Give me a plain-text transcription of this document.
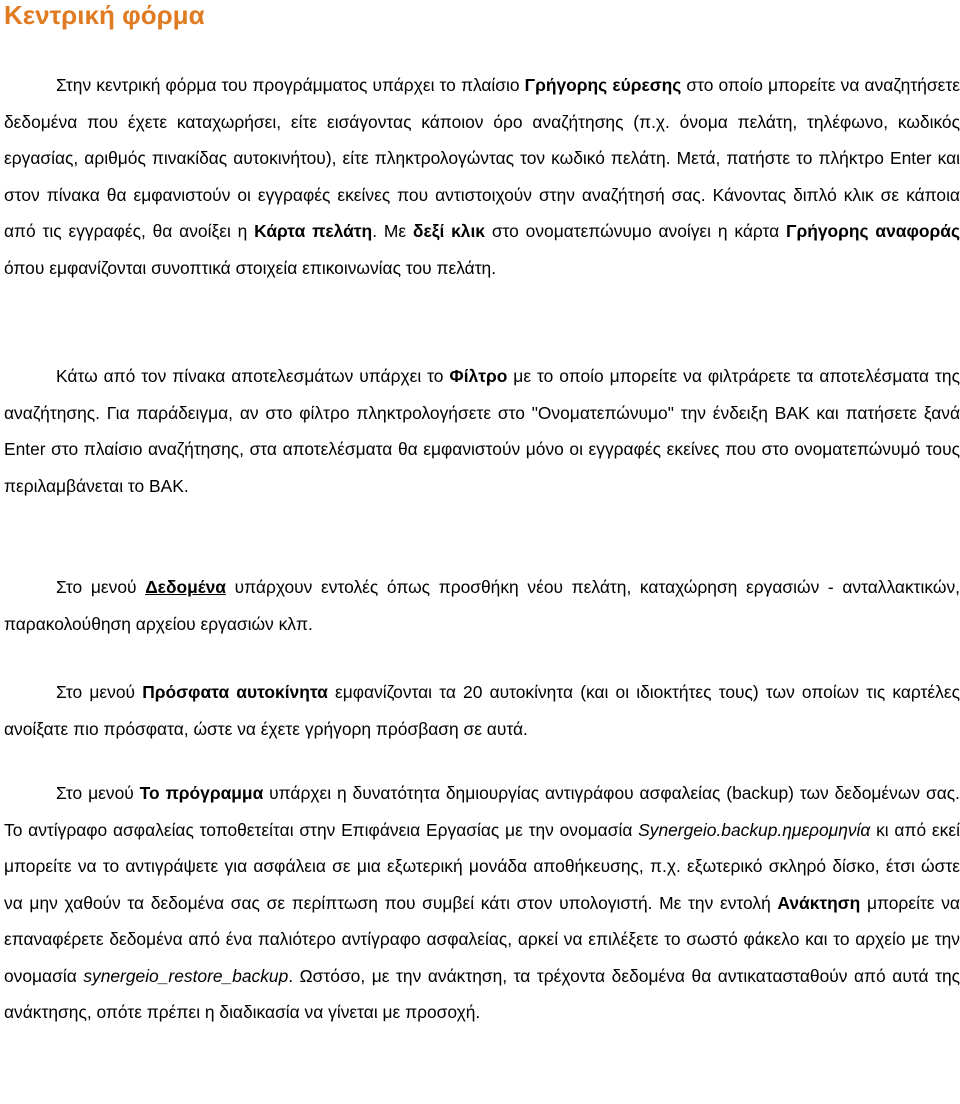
Κεντρική φόρμα

Στην κεντρική φόρμα του προγράμματος υπάρχει το πλαίσιο Γρήγορης εύρεσης στο οποίο μπορείτε να αναζητήσετε δεδομένα που έχετε καταχωρήσει, είτε εισάγοντας κάποιον όρο αναζήτησης (π.χ. όνομα πελάτη, τηλέφωνο, κωδικός εργασίας, αριθμός πινακίδας αυτοκινήτου), είτε πληκτρολογώντας τον κωδικό πελάτη. Μετά, πατήστε το πλήκτρο Enter και στον πίνακα θα εμφανιστούν οι εγγραφές εκείνες που αντιστοιχούν στην αναζήτησή σας. Κάνοντας διπλό κλικ σε κάποια από τις εγγραφές, θα ανοίξει η Κάρτα πελάτη. Με δεξί κλικ στο ονοματεπώνυμο ανοίγει η κάρτα Γρήγορης αναφοράς όπου εμφανίζονται συνοπτικά στοιχεία επικοινωνίας του πελάτη.

Κάτω από τον πίνακα αποτελεσμάτων υπάρχει το Φίλτρο με το οποίο μπορείτε να φιλτράρετε τα αποτελέσματα της αναζήτησης. Για παράδειγμα, αν στο φίλτρο πληκτρολογήσετε στο "Ονοματεπώνυμο" την ένδειξη ΒΑΚ και πατήσετε ξανά Enter στο πλαίσιο αναζήτησης, στα αποτελέσματα θα εμφανιστούν μόνο οι εγγραφές εκείνες που στο ονοματεπώνυμό τους περιλαμβάνεται το ΒΑΚ.

Στο μενού Δεδομένα υπάρχουν εντολές όπως προσθήκη νέου πελάτη, καταχώρηση εργασιών - ανταλλακτικών, παρακολούθηση αρχείου εργασιών κλπ.

Στο μενού Πρόσφατα αυτοκίνητα εμφανίζονται τα 20 αυτοκίνητα (και οι ιδιοκτήτες τους) των οποίων τις καρτέλες ανοίξατε πιο πρόσφατα, ώστε να έχετε γρήγορη πρόσβαση σε αυτά.

Στο μενού Το πρόγραμμα υπάρχει η δυνατότητα δημιουργίας αντιγράφου ασφαλείας (backup) των δεδομένων σας. Το αντίγραφο ασφαλείας τοποθετείται στην Επιφάνεια Εργασίας με την ονομασία Synergeio.backup.ημερομηνία κι από εκεί μπορείτε να το αντιγράψετε για ασφάλεια σε μια εξωτερική μονάδα αποθήκευσης, π.χ. εξωτερικό σκληρό δίσκο, έτσι ώστε να μην χαθούν τα δεδομένα σας σε περίπτωση που συμβεί κάτι στον υπολογιστή. Με την εντολή Ανάκτηση μπορείτε να επαναφέρετε δεδομένα από ένα παλιότερο αντίγραφο ασφαλείας, αρκεί να επιλέξετε το σωστό φάκελο και το αρχείο με την ονομασία synergeio_restore_backup. Ωστόσο, με την ανάκτηση, τα τρέχοντα δεδομένα θα αντικατασταθούν από αυτά της ανάκτησης, οπότε πρέπει η διαδικασία να γίνεται με προσοχή.
